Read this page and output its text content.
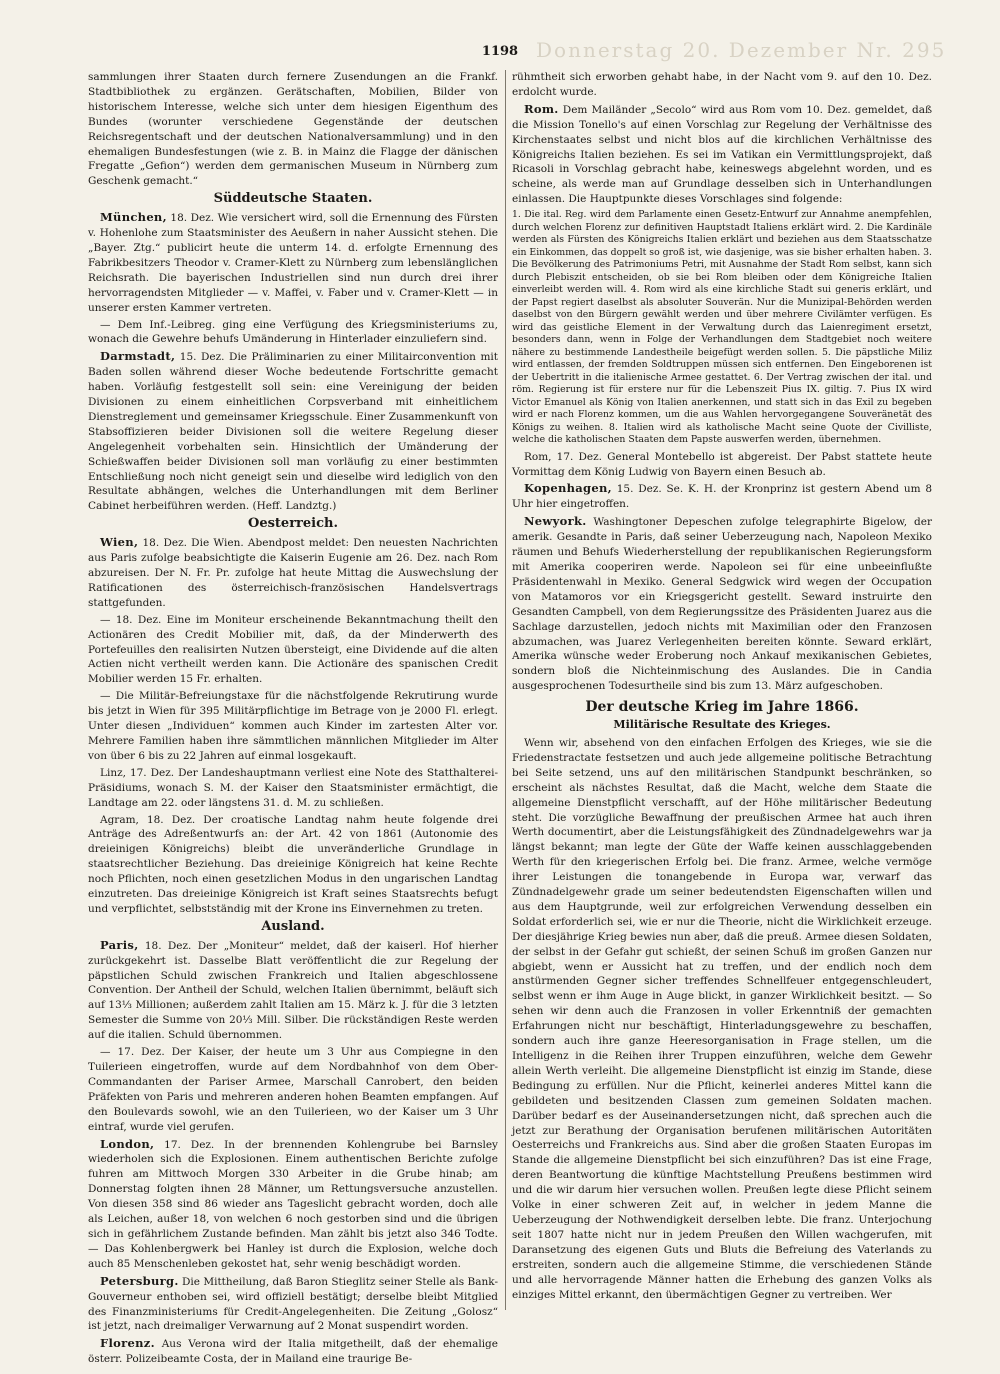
Donnerstag 20. Dezember Nr. 295
1198

sammlungen ihrer Staaten durch fernere Zusendungen an die Frankf. Stadtbibliothek zu ergänzen. Gerätschaften, Mobilien, Bilder von historischem Interesse, welche sich unter dem hiesigen Eigenthum des Bundes (worunter verschiedene Gegenstände der deutschen Reichsregentschaft und der deutschen Nationalversammlung) und in den ehemaligen Bundesfestungen (wie z. B. in Mainz die Flagge der dänischen Fregatte „Gefion“) werden dem germanischen Museum in Nürnberg zum Geschenk gemacht.“

Süddeutsche Staaten.

München, 18. Dez. Wie versichert wird, soll die Ernennung des Fürsten v. Hohenlohe zum Staatsminister des Aeußern in naher Aussicht stehen. Die „Bayer. Ztg.“ publicirt heute die unterm 14. d. erfolgte Ernennung des Fabrikbesitzers Theodor v. Cramer-Klett zu Nürnberg zum lebenslänglichen Reichsrath. Die bayerischen Industriellen sind nun durch drei ihrer hervorragendsten Mitglieder — v. Maffei, v. Faber und v. Cramer-Klett — in unserer ersten Kammer vertreten.

— Dem Inf.-Leibreg. ging eine Verfügung des Kriegsministeriums zu, wonach die Gewehre behufs Umänderung in Hinterlader einzuliefern sind.

Darmstadt, 15. Dez. Die Präliminarien zu einer Militairconvention mit Baden sollen während dieser Woche bedeutende Fortschritte gemacht haben. Vorläufig festgestellt soll sein: eine Vereinigung der beiden Divisionen zu einem einheitlichen Corpsverband mit einheitlichem Dienstreglement und gemeinsamer Kriegsschule. Einer Zusammenkunft von Stabsoffizieren beider Divisionen soll die weitere Regelung dieser Angelegenheit vorbehalten sein. Hinsichtlich der Umänderung der Schießwaffen beider Divisionen soll man vorläufig zu einer bestimmten Entschließung noch nicht geneigt sein und dieselbe wird lediglich von den Resultate abhängen, welches die Unterhandlungen mit dem Berliner Cabinet herbeiführen werden. (Heff. Landztg.)

Oesterreich.

Wien, 18. Dez. Die Wien. Abendpost meldet: Den neuesten Nachrichten aus Paris zufolge beabsichtigte die Kaiserin Eugenie am 26. Dez. nach Rom abzureisen. Der N. Fr. Pr. zufolge hat heute Mittag die Auswechslung der Ratificationen des österreichisch-französischen Handelsvertrags stattgefunden.

— 18. Dez. Eine im Moniteur erscheinende Bekanntmachung theilt den Actionären des Credit Mobilier mit, daß, da der Minderwerth des Portefeuilles den realisirten Nutzen übersteigt, eine Dividende auf die alten Actien nicht vertheilt werden kann. Die Actionäre des spanischen Credit Mobilier werden 15 Fr. erhalten.

— Die Militär-Befreiungstaxe für die nächstfolgende Rekrutirung wurde bis jetzt in Wien für 395 Militärpflichtige im Betrage von je 2000 Fl. erlegt. Unter diesen „Individuen“ kommen auch Kinder im zartesten Alter vor. Mehrere Familien haben ihre sämmtlichen männlichen Mitglieder im Alter von über 6 bis zu 22 Jahren auf einmal losgekauft.

Linz, 17. Dez. Der Landeshauptmann verliest eine Note des Statthalterei-Präsidiums, wonach S. M. der Kaiser den Staatsminister ermächtigt, die Landtage am 22. oder längstens 31. d. M. zu schließen.

Agram, 18. Dez. Der croatische Landtag nahm heute folgende drei Anträge des Adreßentwurfs an: der Art. 42 von 1861 (Autonomie des dreieinigen Königreichs) bleibt die unveränderliche Grundlage in staatsrechtlicher Beziehung. Das dreieinige Königreich hat keine Rechte noch Pflichten, noch einen gesetzlichen Modus in den ungarischen Landtag einzutreten. Das dreieinige Königreich ist Kraft seines Staatsrechts befugt und verpflichtet, selbstständig mit der Krone ins Einvernehmen zu treten.

Ausland.

Paris, 18. Dez. Der „Moniteur“ meldet, daß der kaiserl. Hof hierher zurückgekehrt ist. Dasselbe Blatt veröffentlicht die zur Regelung der päpstlichen Schuld zwischen Frankreich und Italien abgeschlossene Convention. Der Antheil der Schuld, welchen Italien übernimmt, beläuft sich auf 13⅓ Millionen; außerdem zahlt Italien am 15. März k. J. für die 3 letzten Semester die Summe von 20⅓ Mill. Silber. Die rückständigen Reste werden auf die italien. Schuld übernommen.

— 17. Dez. Der Kaiser, der heute um 3 Uhr aus Compiegne in den Tuilerieen eingetroffen, wurde auf dem Nordbahnhof von dem Ober-Commandanten der Pariser Armee, Marschall Canrobert, den beiden Präfekten von Paris und mehreren anderen hohen Beamten empfangen. Auf den Boulevards sowohl, wie an den Tuilerieen, wo der Kaiser um 3 Uhr eintraf, wurde viel gerufen.

London, 17. Dez. In der brennenden Kohlengrube bei Barnsley wiederholen sich die Explosionen. Einem authentischen Berichte zufolge fuhren am Mittwoch Morgen 330 Arbeiter in die Grube hinab; am Donnerstag folgten ihnen 28 Männer, um Rettungsversuche anzustellen. Von diesen 358 sind 86 wieder ans Tageslicht gebracht worden, doch alle als Leichen, außer 18, von welchen 6 noch gestorben sind und die übrigen sich in gefährlichem Zustande befinden. Man zählt bis jetzt also 346 Todte. — Das Kohlenbergwerk bei Hanley ist durch die Explosion, welche doch auch 85 Menschenleben gekostet hat, sehr wenig beschädigt worden.

Petersburg. Die Mittheilung, daß Baron Stieglitz seiner Stelle als Bank-Gouverneur enthoben sei, wird offiziell bestätigt; derselbe bleibt Mitglied des Finanzministeriums für Credit-Angelegenheiten. Die Zeitung „Golosz“ ist jetzt, nach dreimaliger Verwarnung auf 2 Monat suspendirt worden.

Florenz. Aus Verona wird der Italia mitgetheilt, daß der ehemalige österr. Polizeibeamte Costa, der in Mailand eine traurige Be-

rühmtheit sich erworben gehabt habe, in der Nacht vom 9. auf den 10. Dez. erdolcht wurde.

Rom. Dem Mailänder „Secolo“ wird aus Rom vom 10. Dez. gemeldet, daß die Mission Tonello's auf einen Vorschlag zur Regelung der Verhältnisse des Kirchenstaates selbst und nicht blos auf die kirchlichen Verhältnisse des Königreichs Italien beziehen. Es sei im Vatikan ein Vermittlungsprojekt, daß Ricasoli in Vorschlag gebracht habe, keineswegs abgelehnt worden, und es scheine, als werde man auf Grundlage desselben sich in Unterhandlungen einlassen. Die Hauptpunkte dieses Vorschlages sind folgende:

1. Die ital. Reg. wird dem Parlamente einen Gesetz-Entwurf zur Annahme anempfehlen, durch welchen Florenz zur definitiven Hauptstadt Italiens erklärt wird. 2. Die Kardinäle werden als Fürsten des Königreichs Italien erklärt und beziehen aus dem Staatsschatze ein Einkommen, das doppelt so groß ist, wie dasjenige, was sie bisher erhalten haben. 3. Die Bevölkerung des Patrimoniums Petri, mit Ausnahme der Stadt Rom selbst, kann sich durch Plebiszit entscheiden, ob sie bei Rom bleiben oder dem Königreiche Italien einverleibt werden will. 4. Rom wird als eine kirchliche Stadt sui generis erklärt, und der Papst regiert daselbst als absoluter Souverän. Nur die Munizipal-Behörden werden daselbst von den Bürgern gewählt werden und über mehrere Civilämter verfügen. Es wird das geistliche Element in der Verwaltung durch das Laienregiment ersetzt, besonders dann, wenn in Folge der Verhandlungen dem Stadtgebiet noch weitere nähere zu bestimmende Landestheile beigefügt werden sollen. 5. Die päpstliche Miliz wird entlassen, der fremden Soldtruppen müssen sich entfernen. Den Eingeborenen ist der Uebertritt in die italienische Armee gestattet. 6. Der Vertrag zwischen der ital. und röm. Regierung ist für erstere nur für die Lebenszeit Pius IX. giltig. 7. Pius IX wird Victor Emanuel als König von Italien anerkennen, und statt sich in das Exil zu begeben wird er nach Florenz kommen, um die aus Wahlen hervorgegangene Souveränetät des Königs zu weihen. 8. Italien wird als katholische Macht seine Quote der Civilliste, welche die katholischen Staaten dem Papste auswerfen werden, übernehmen.

Rom, 17. Dez. General Montebello ist abgereist. Der Pabst stattete heute Vormittag dem König Ludwig von Bayern einen Besuch ab.

Kopenhagen, 15. Dez. Se. K. H. der Kronprinz ist gestern Abend um 8 Uhr hier eingetroffen.

Newyork. Washingtoner Depeschen zufolge telegraphirte Bigelow, der amerik. Gesandte in Paris, daß seiner Ueberzeugung nach, Napoleon Mexiko räumen und Behufs Wiederherstellung der republikanischen Regierungsform mit Amerika cooperiren werde. Napoleon sei für eine unbeeinflußte Präsidentenwahl in Mexiko. General Sedgwick wird wegen der Occupation von Matamoros vor ein Kriegsgericht gestellt. Seward instruirte den Gesandten Campbell, von dem Regierungssitze des Präsidenten Juarez aus die Sachlage darzustellen, jedoch nichts mit Maximilian oder den Franzosen abzumachen, was Juarez Verlegenheiten bereiten könnte. Seward erklärt, Amerika wünsche weder Eroberung noch Ankauf mexikanischen Gebietes, sondern bloß die Nichteinmischung des Auslandes. Die in Candia ausgesprochenen Todesurtheile sind bis zum 13. März aufgeschoben.

Der deutsche Krieg im Jahre 1866.
Militärische Resultate des Krieges.

Wenn wir, absehend von den einfachen Erfolgen des Krieges, wie sie die Friedenstractate festsetzen und auch jede allgemeine politische Betrachtung bei Seite setzend, uns auf den militärischen Standpunkt beschränken, so erscheint als nächstes Resultat, daß die Macht, welche dem Staate die allgemeine Dienstpflicht verschafft, auf der Höhe militärischer Bedeutung steht. Die vorzügliche Bewaffnung der preußischen Armee hat auch ihren Werth documentirt, aber die Leistungsfähigkeit des Zündnadelgewehrs war ja längst bekannt; man legte der Güte der Waffe keinen ausschlaggebenden Werth für den kriegerischen Erfolg bei. Die franz. Armee, welche vermöge ihrer Leistungen die tonangebende in Europa war, verwarf das Zündnadelgewehr grade um seiner bedeutendsten Eigenschaften willen und aus dem Hauptgrunde, weil zur erfolgreichen Verwendung desselben ein Soldat erforderlich sei, wie er nur die Theorie, nicht die Wirklichkeit erzeuge. Der diesjährige Krieg bewies nun aber, daß die preuß. Armee diesen Soldaten, der selbst in der Gefahr gut schießt, der seinen Schuß im großen Ganzen nur abgiebt, wenn er Aussicht hat zu treffen, und der endlich noch dem anstürmenden Gegner sicher treffendes Schnellfeuer entgegenschleudert, selbst wenn er ihm Auge in Auge blickt, in ganzer Wirklichkeit besitzt. — So sehen wir denn auch die Franzosen in voller Erkenntniß der gemachten Erfahrungen nicht nur beschäftigt, Hinterladungsgewehre zu beschaffen, sondern auch ihre ganze Heeresorganisation in Frage stellen, um die Intelligenz in die Reihen ihrer Truppen einzuführen, welche dem Gewehr allein Werth verleiht. Die allgemeine Dienstpflicht ist einzig im Stande, diese Bedingung zu erfüllen. Nur die Pflicht, keinerlei anderes Mittel kann die gebildeten und besitzenden Classen zum gemeinen Soldaten machen. Darüber bedarf es der Auseinandersetzungen nicht, daß sprechen auch die jetzt zur Berathung der Organisation berufenen militärischen Autoritäten Oesterreichs und Frankreichs aus. Sind aber die großen Staaten Europas im Stande die allgemeine Dienstpflicht bei sich einzuführen? Das ist eine Frage, deren Beantwortung die künftige Machtstellung Preußens bestimmen wird und die wir darum hier versuchen wollen. Preußen legte diese Pflicht seinem Volke in einer schweren Zeit auf, in welcher in jedem Manne die Ueberzeugung der Nothwendigkeit derselben lebte. Die franz. Unterjochung seit 1807 hatte nicht nur in jedem Preußen den Willen wachgerufen, mit Daransetzung des eigenen Guts und Bluts die Befreiung des Vaterlands zu erstreiten, sondern auch die allgemeine Stimme, die verschiedenen Stände und alle hervorragende Männer hatten die Erhebung des ganzen Volks als einziges Mittel erkannt, den übermächtigen Gegner zu vertreiben. Wer
